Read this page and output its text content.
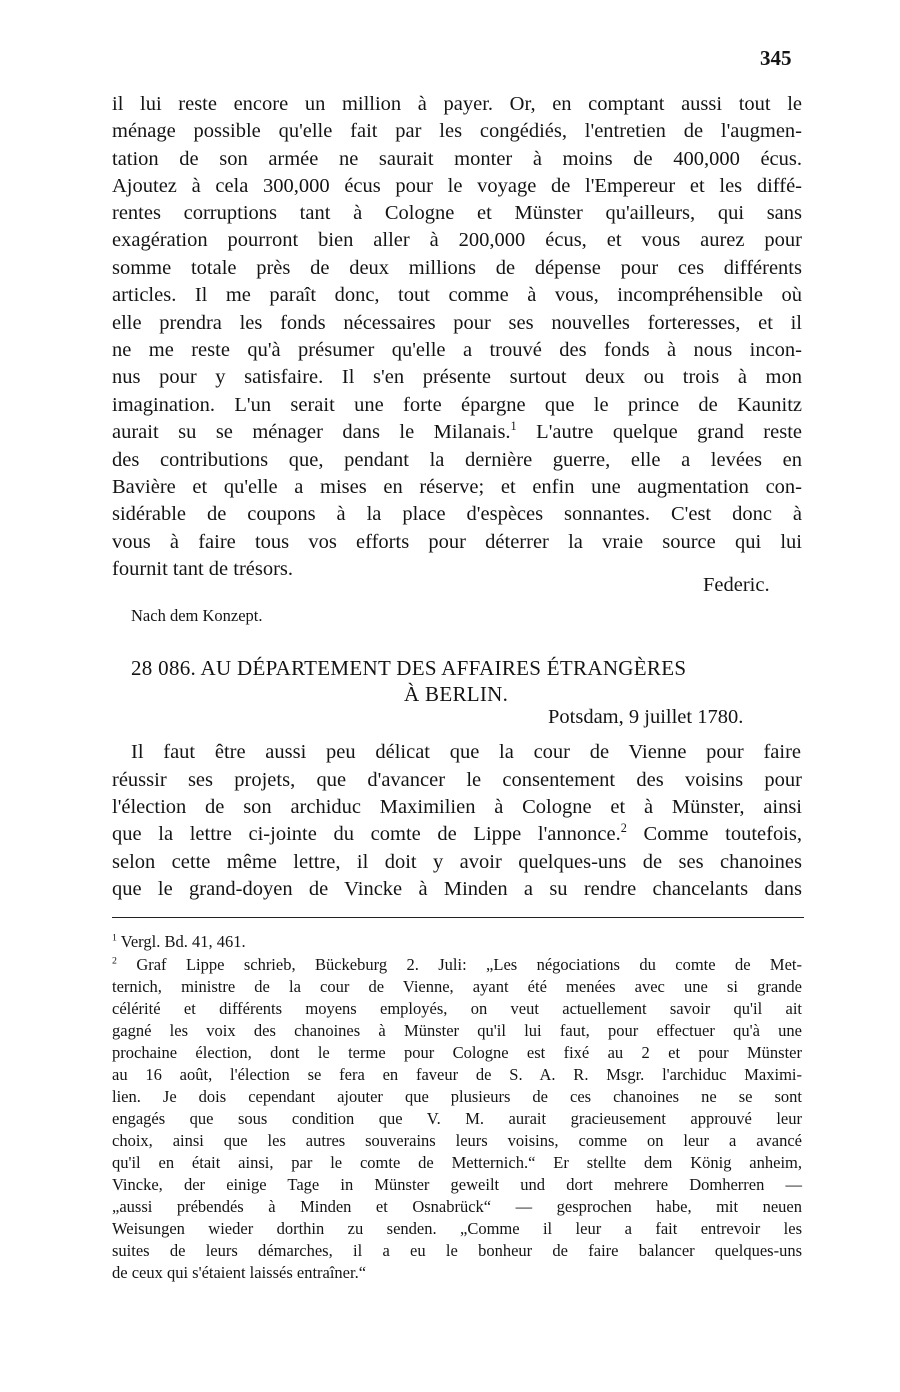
345
il lui reste encore un million à payer. Or, en comptant aussi tout le
ménage possible qu'elle fait par les congédiés, l'entretien de l'augmen-
tation de son armée ne saurait monter à moins de 400,000 écus.
Ajoutez à cela 300,000 écus pour le voyage de l'Empereur et les diffé-
rentes corruptions tant à Cologne et Münster qu'ailleurs, qui sans
exagération pourront bien aller à 200,000 écus, et vous aurez pour
somme totale près de deux millions de dépense pour ces différents
articles. Il me paraît donc, tout comme à vous, incompréhensible où
elle prendra les fonds nécessaires pour ses nouvelles forteresses, et il
ne me reste qu'à présumer qu'elle a trouvé des fonds à nous incon-
nus pour y satisfaire. Il s'en présente surtout deux ou trois à mon
imagination. L'un serait une forte épargne que le prince de Kaunitz
aurait su se ménager dans le Milanais.$^1$ L'autre quelque grand reste
des contributions que, pendant la dernière guerre, elle a levées en
Bavière et qu'elle a mises en réserve; et enfin une augmentation con-
sidérable de coupons à la place d'espèces sonnantes. C'est donc à
vous à faire tous vos efforts pour déterrer la vraie source qui lui
fournit tant de trésors.
Federic.
Nach dem Konzept.
28 086. AU DÉPARTEMENT DES AFFAIRES ÉTRANGÈRES
À BERLIN.
Potsdam, 9 juillet 1780.
Il faut être aussi peu délicat que la cour de Vienne pour faire
réussir ses projets, que d'avancer le consentement des voisins pour
l'élection de son archiduc Maximilien à Cologne et à Münster, ainsi
que la lettre ci-jointe du comte de Lippe l'annonce.$^2$ Comme toutefois,
selon cette même lettre, il doit y avoir quelques-uns de ses chanoines
que le grand-doyen de Vincke à Minden a su rendre chancelants dans
$^1$ Vergl. Bd. 41, 461.
$^2$ Graf Lippe schrieb, Bückeburg 2. Juli: „Les négociations du comte de Met-
ternich, ministre de la cour de Vienne, ayant été menées avec une si grande
célérité et différents moyens employés, on veut actuellement savoir qu'il ait
gagné les voix des chanoines à Münster qu'il lui faut, pour effectuer qu'à une
prochaine élection, dont le terme pour Cologne est fixé au 2 et pour Münster
au 16 août, l'élection se fera en faveur de S. A. R. Msgr. l'archiduc Maximi-
lien. Je dois cependant ajouter que plusieurs de ces chanoines ne se sont
engagés que sous condition que V. M. aurait gracieusement approuvé leur
choix, ainsi que les autres souverains leurs voisins, comme on leur a avancé
qu'il en était ainsi, par le comte de Metternich.“ Er stellte dem König anheim,
Vincke, der einige Tage in Münster geweilt und dort mehrere Domherren —
„aussi prébendés à Minden et Osnabrück“ — gesprochen habe, mit neuen
Weisungen wieder dorthin zu senden. „Comme il leur a fait entrevoir les
suites de leurs démarches, il a eu le bonheur de faire balancer quelques-uns
de ceux qui s'étaient laissés entraîner.“
